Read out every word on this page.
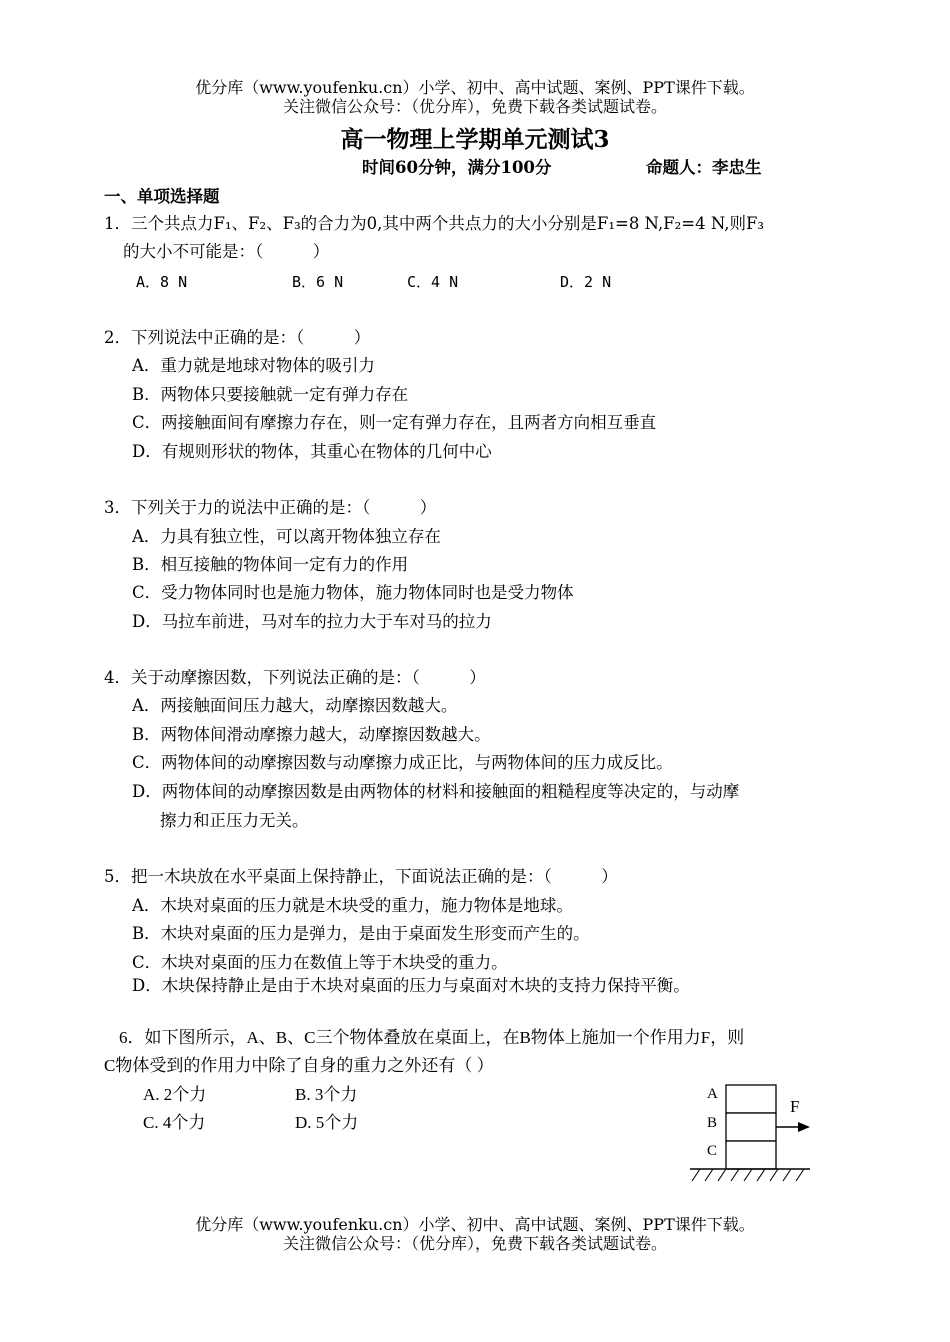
优分库（www.youfenku.cn）小学、初中、高中试题、案例、PPT课件下载。
关注微信公众号：（优分库），免费下载各类试题试卷。
高一物理上学期单元测试3
时间60分钟，满分100分	命题人：李忠生
一、单项选择题
1．三个共点力F₁、F₂、F₃的合力为0,其中两个共点力的大小分别是F₁=8 N,F₂=4 N,则F₃
的大小不可能是：（　　　）
A．8 N	B．6 N	C．4 N	D．2 N
2．下列说法中正确的是：（　　　）
A．重力就是地球对物体的吸引力
B．两物体只要接触就一定有弹力存在
C．两接触面间有摩擦力存在，则一定有弹力存在，且两者方向相互垂直
D．有规则形状的物体，其重心在物体的几何中心
3．下列关于力的说法中正确的是：（　　　）
A．力具有独立性，可以离开物体独立存在
B．相互接触的物体间一定有力的作用
C．受力物体同时也是施力物体，施力物体同时也是受力物体
D．马拉车前进，马对车的拉力大于车对马的拉力
4．关于动摩擦因数，下列说法正确的是：（　　　）
A．两接触面间压力越大，动摩擦因数越大。
B．两物体间滑动摩擦力越大，动摩擦因数越大。
C．两物体间的动摩擦因数与动摩擦力成正比，与两物体间的压力成反比。
D．两物体间的动摩擦因数是由两物体的材料和接触面的粗糙程度等决定的，与动摩
擦力和正压力无关。
5．把一木块放在水平桌面上保持静止，下面说法正确的是：（　　　）
A．木块对桌面的压力就是木块受的重力，施力物体是地球。
B．木块对桌面的压力是弹力，是由于桌面发生形变而产生的。
C．木块对桌面的压力在数值上等于木块受的重力。
D．木块保持静止是由于木块对桌面的压力与桌面对木块的支持力保持平衡。
6．如下图所示，A、B、C三个物体叠放在桌面上，在B物体上施加一个作用力F，则
C物体受到的作用力中除了自身的重力之外还有（ ）
A. 2个力	B. 3个力
C. 4个力	D. 5个力
A
B
C
F
优分库（www.youfenku.cn）小学、初中、高中试题、案例、PPT课件下载。
关注微信公众号：（优分库），免费下载各类试题试卷。
